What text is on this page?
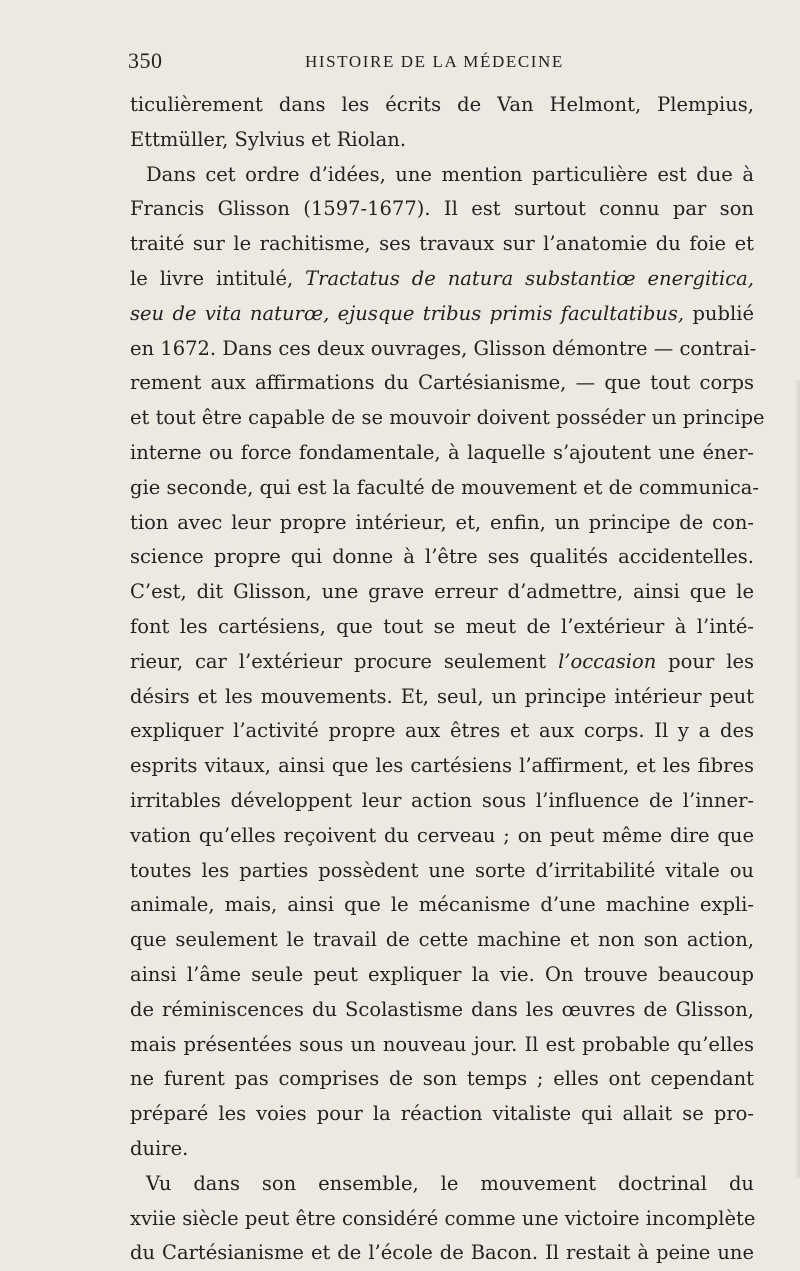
350	HISTOIRE DE LA MÉDECINE
ticulièrement dans les écrits de Van Helmont, Plempius,
Ettmüller, Sylvius et Riolan.
Dans cet ordre d’idées, une mention particulière est due à
Francis Glisson (1597-1677). Il est surtout connu par son
traité sur le rachitisme, ses travaux sur l’anatomie du foie et
le livre intitulé, Tractatus de natura substantiœ energitica,
seu de vita naturœ, ejusque tribus primis facultatibus, publié
en 1672. Dans ces deux ouvrages, Glisson démontre — contrai-
rement aux affirmations du Cartésianisme, — que tout corps
et tout être capable de se mouvoir doivent posséder un principe
interne ou force fondamentale, à laquelle s’ajoutent une éner-
gie seconde, qui est la faculté de mouvement et de communica-
tion avec leur propre intérieur, et, enfin, un principe de con-
science propre qui donne à l’être ses qualités accidentelles.
C’est, dit Glisson, une grave erreur d’admettre, ainsi que le
font les cartésiens, que tout se meut de l’extérieur à l’inté-
rieur, car l’extérieur procure seulement l’occasion pour les
désirs et les mouvements. Et, seul, un principe intérieur peut
expliquer l’activité propre aux êtres et aux corps. Il y a des
esprits vitaux, ainsi que les cartésiens l’affirment, et les fibres
irritables développent leur action sous l’influence de l’inner-
vation qu’elles reçoivent du cerveau ; on peut même dire que
toutes les parties possèdent une sorte d’irritabilité vitale ou
animale, mais, ainsi que le mécanisme d’une machine expli-
que seulement le travail de cette machine et non son action,
ainsi l’âme seule peut expliquer la vie. On trouve beaucoup
de réminiscences du Scolastisme dans les œuvres de Glisson,
mais présentées sous un nouveau jour. Il est probable qu’elles
ne furent pas comprises de son temps ; elles ont cependant
préparé les voies pour la réaction vitaliste qui allait se pro-
duire.
Vu dans son ensemble, le mouvement doctrinal du
xviie siècle peut être considéré comme une victoire incomplète
du Cartésianisme et de l’école de Bacon. Il restait à peine une
